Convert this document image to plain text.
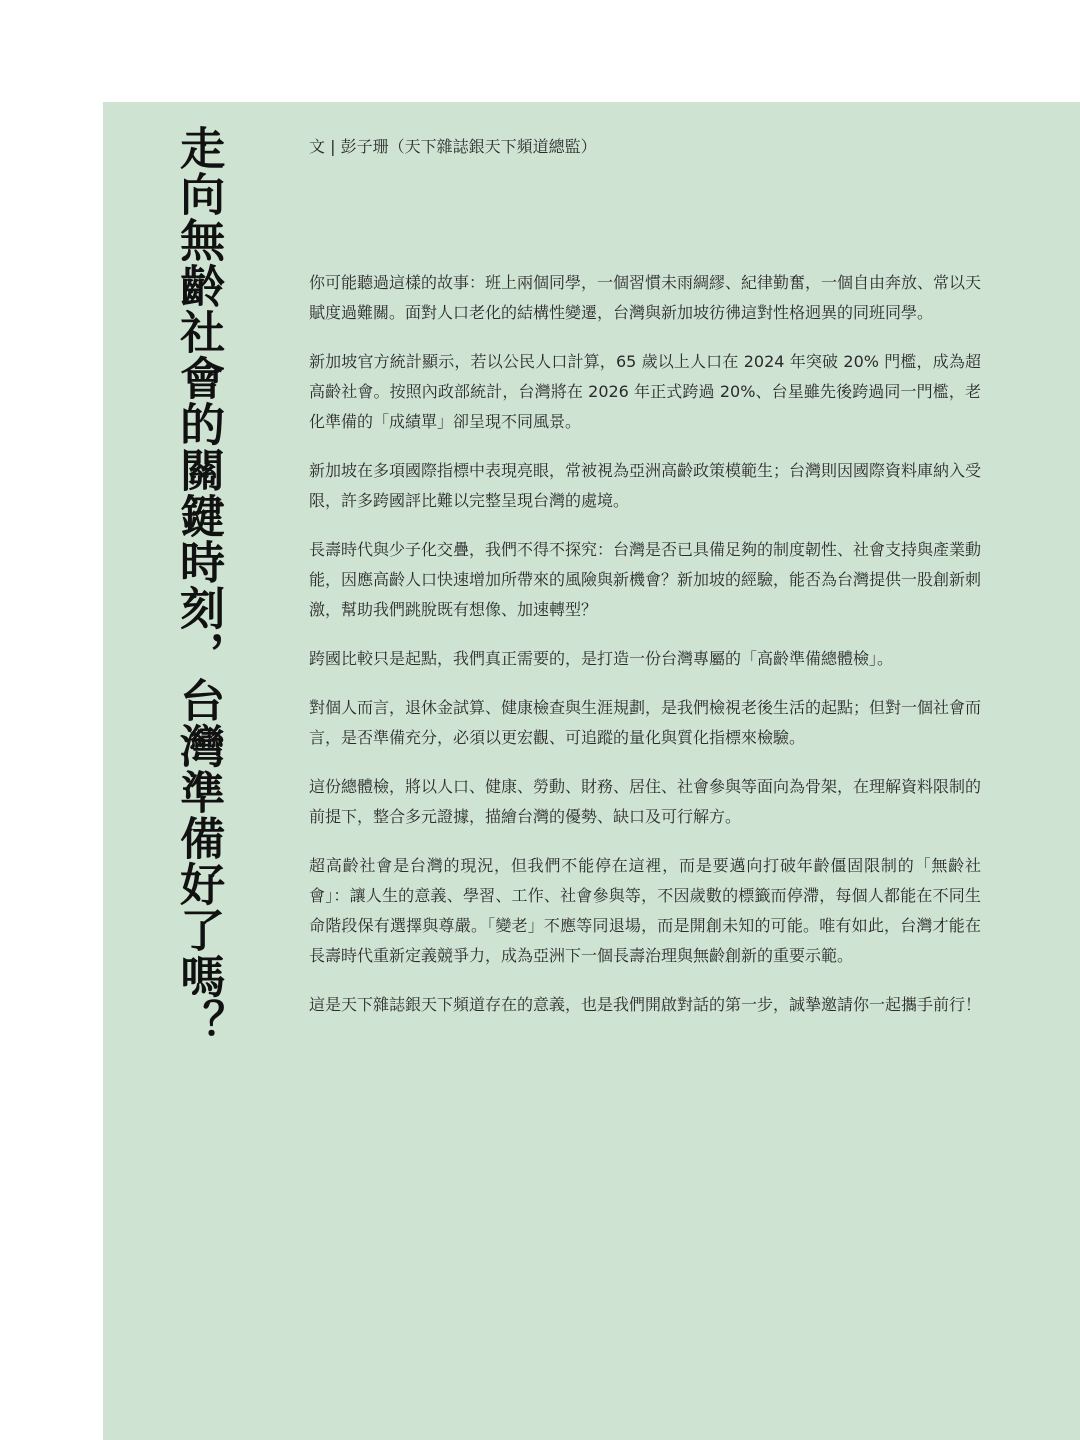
走向無齡社會的關鍵時刻，台灣準備好了嗎？	文 | 彭子珊（天下雜誌銀天下頻道總監）

你可能聽過這樣的故事：班上兩個同學，一個習慣未雨綢繆、紀律勤奮，一個自由奔放、常以天賦度過難關。面對人口老化的結構性變遷，台灣與新加坡彷彿這對性格迥異的同班同學。

新加坡官方統計顯示，若以公民人口計算，65 歲以上人口在 2024 年突破 20% 門檻，成為超高齡社會。按照內政部統計，台灣將在 2026 年正式跨過 20%、台星雖先後跨過同一門檻，老化準備的「成績單」卻呈現不同風景。

新加坡在多項國際指標中表現亮眼，常被視為亞洲高齡政策模範生；台灣則因國際資料庫納入受限，許多跨國評比難以完整呈現台灣的處境。

長壽時代與少子化交疊，我們不得不探究：台灣是否已具備足夠的制度韌性、社會支持與產業動能，因應高齡人口快速增加所帶來的風險與新機會？新加坡的經驗，能否為台灣提供一股創新刺激，幫助我們跳脫既有想像、加速轉型？

跨國比較只是起點，我們真正需要的，是打造一份台灣專屬的「高齡準備總體檢」。

對個人而言，退休金試算、健康檢查與生涯規劃，是我們檢視老後生活的起點；但對一個社會而言，是否準備充分，必須以更宏觀、可追蹤的量化與質化指標來檢驗。

這份總體檢，將以人口、健康、勞動、財務、居住、社會參與等面向為骨架，在理解資料限制的前提下，整合多元證據，描繪台灣的優勢、缺口及可行解方。

超高齡社會是台灣的現況，但我們不能停在這裡，而是要邁向打破年齡僵固限制的「無齡社會」：讓人生的意義、學習、工作、社會參與等，不因歲數的標籤而停滯，每個人都能在不同生命階段保有選擇與尊嚴。「變老」不應等同退場，而是開創未知的可能。唯有如此，台灣才能在長壽時代重新定義競爭力，成為亞洲下一個長壽治理與無齡創新的重要示範。

這是天下雜誌銀天下頻道存在的意義，也是我們開啟對話的第一步，誠摯邀請你一起攜手前行！
